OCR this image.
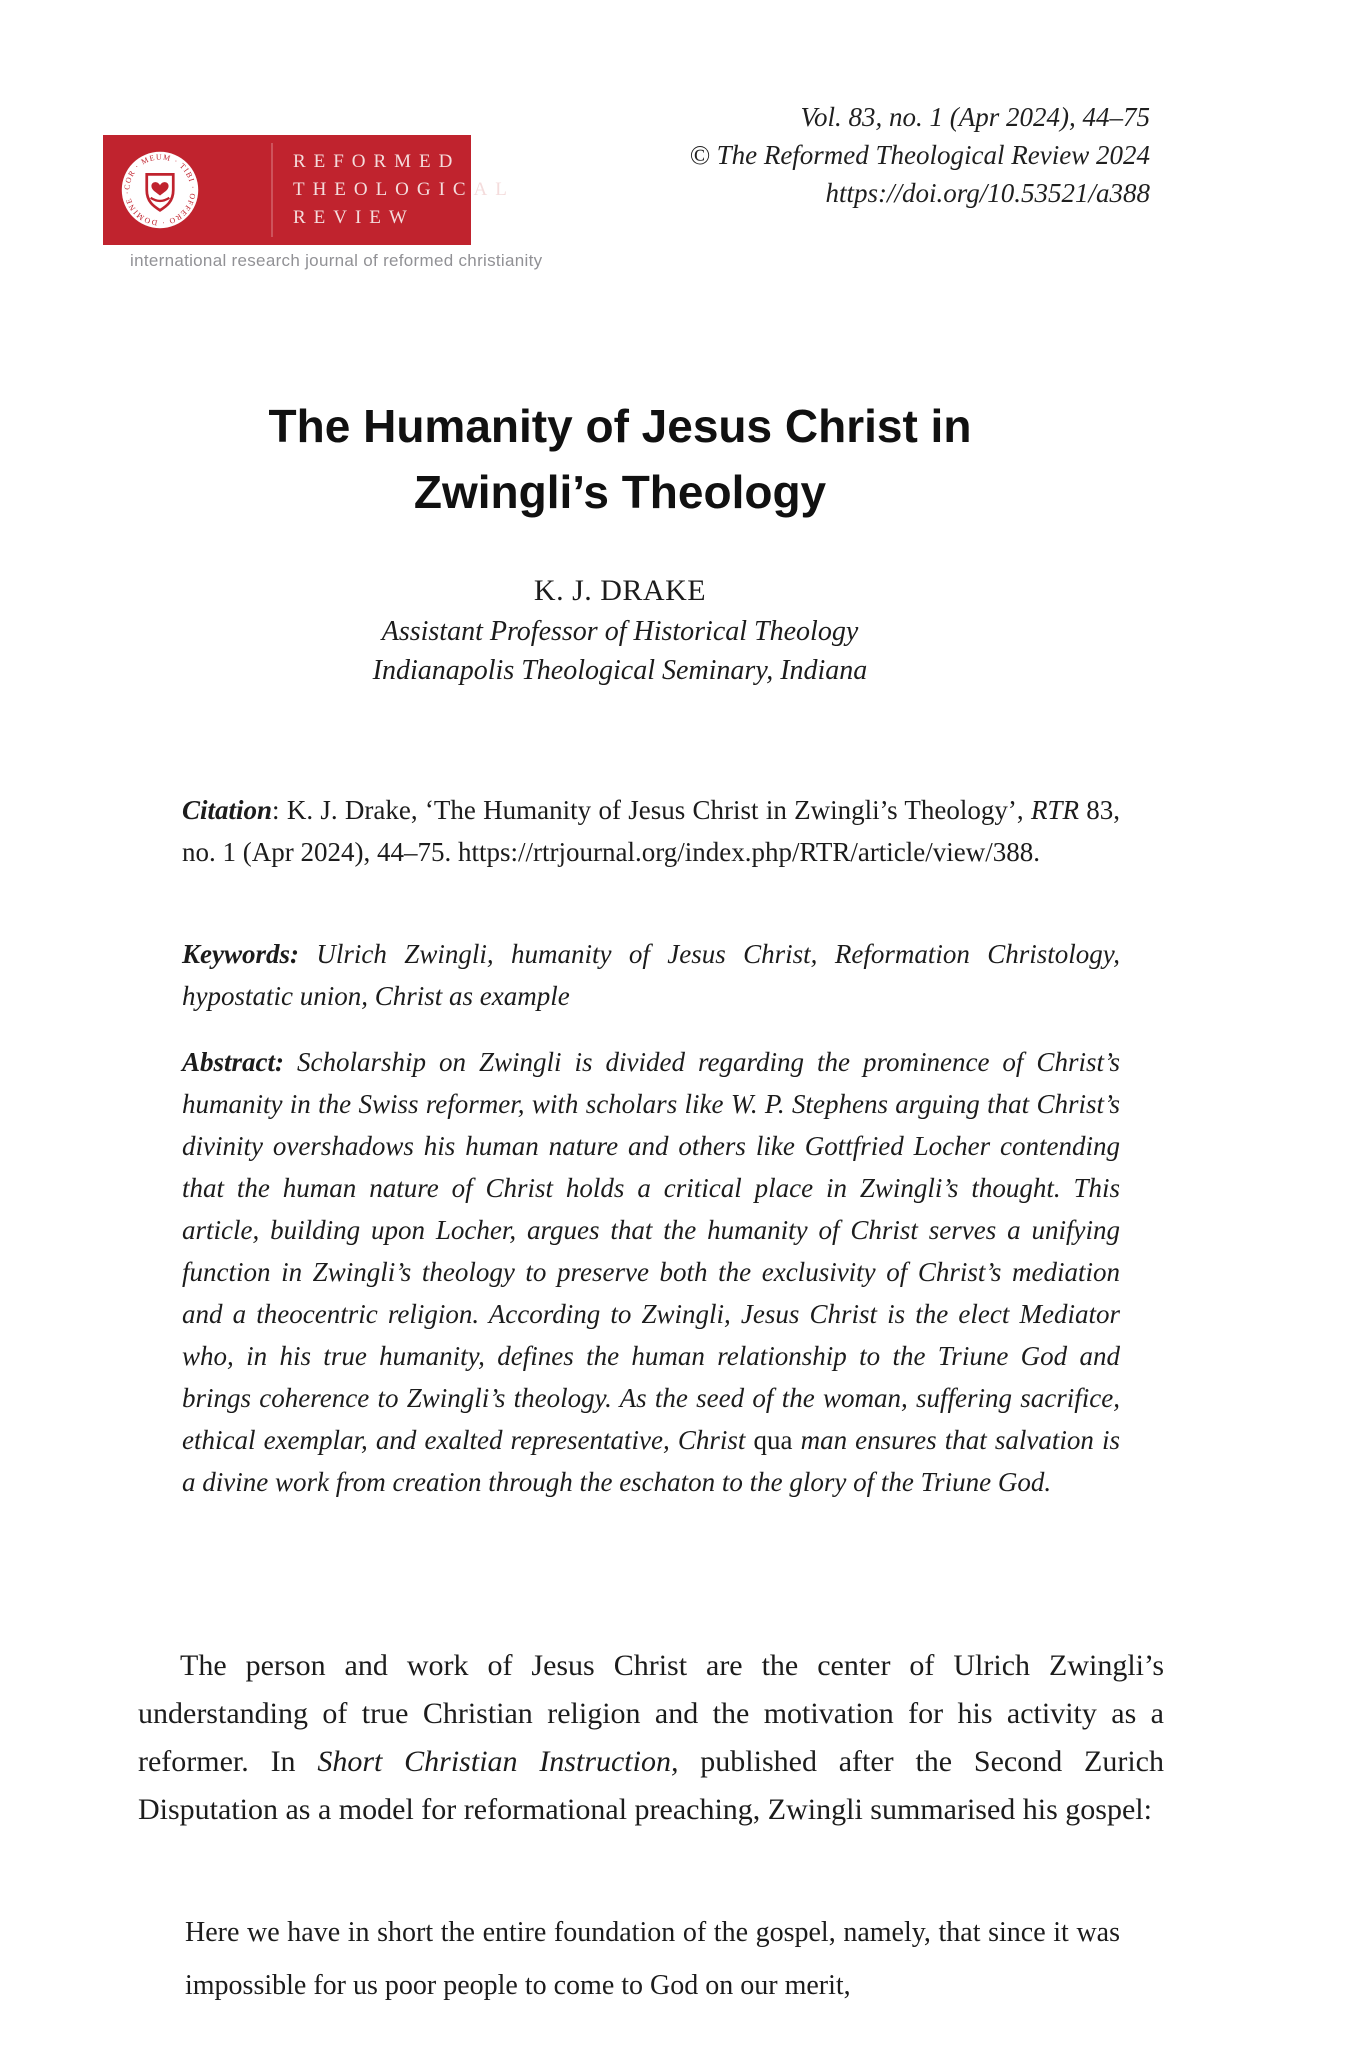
Vol. 83, no. 1 (Apr 2024), 44–75
© The Reformed Theological Review 2024
https://doi.org/10.53521/a388
COR · MEUM · TIBI · OFFERO · DOMINE ·
REFORMED
THEOLOGICAL
REVIEW
international research journal of reformed christianity
The Humanity of Jesus Christ in
Zwingli’s Theology
K. J. DRAKE
Assistant Professor of Historical Theology
Indianapolis Theological Seminary, Indiana

Citation: K. J. Drake, ‘The Humanity of Jesus Christ in Zwingli’s Theology’, RTR 83, no. 1 (Apr 2024), 44–75. https://rtrjournal.org/index.php/RTR/article/view/388.

Keywords: Ulrich Zwingli, humanity of Jesus Christ, Reformation Christology, hypostatic union, Christ as example

Abstract: Scholarship on Zwingli is divided regarding the prominence of Christ’s humanity in the Swiss reformer, with scholars like W. P. Stephens arguing that Christ’s divinity overshadows his human nature and others like Gottfried Locher contending that the human nature of Christ holds a critical place in Zwingli’s thought. This article, building upon Locher, argues that the humanity of Christ serves a unifying function in Zwingli’s theology to preserve both the exclusivity of Christ’s mediation and a theocentric religion. According to Zwingli, Jesus Christ is the elect Mediator who, in his true humanity, defines the human relationship to the Triune God and brings coherence to Zwingli’s theology. As the seed of the woman, suffering sacrifice, ethical exemplar, and exalted representative, Christ qua man ensures that salvation is a divine work from creation through the eschaton to the glory of the Triune God.

The person and work of Jesus Christ are the center of Ulrich Zwingli’s understanding of true Christian religion and the motivation for his activity as a reformer. In Short Christian Instruction, published after the Second Zurich Disputation as a model for reformational preaching, Zwingli summarised his gospel:

Here we have in short the entire foundation of the gospel, namely, that since it was impossible for us poor people to come to God on our merit,
